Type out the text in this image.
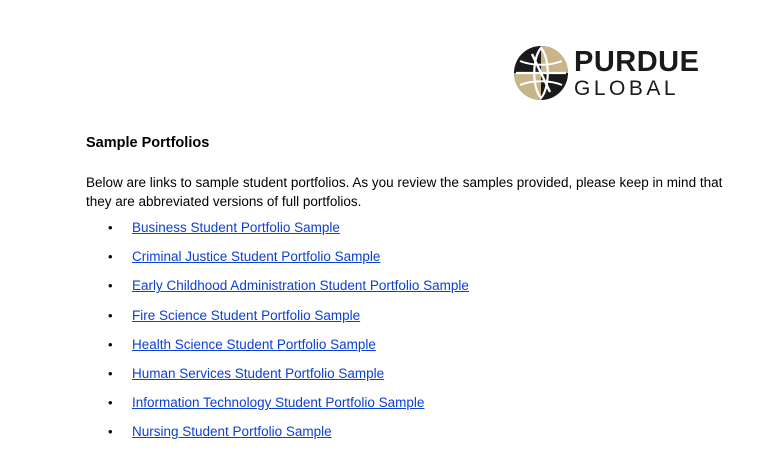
PURDUE
GLOBAL
Sample Portfolios

Below are links to sample student portfolios. As you review the samples provided, please keep in mind that they are abbreviated versions of full portfolios.

• Business Student Portfolio Sample
• Criminal Justice Student Portfolio Sample
• Early Childhood Administration Student Portfolio Sample
• Fire Science Student Portfolio Sample
• Health Science Student Portfolio Sample
• Human Services Student Portfolio Sample
• Information Technology Student Portfolio Sample
• Nursing Student Portfolio Sample
